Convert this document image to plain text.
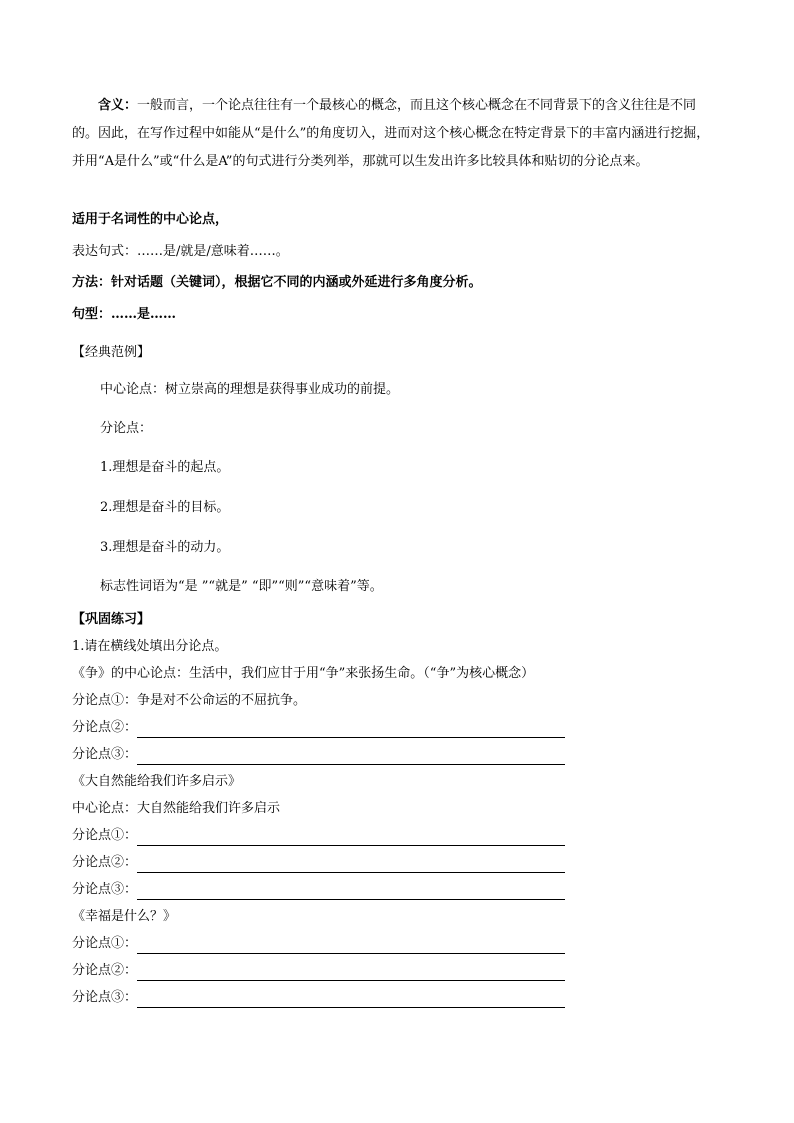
含义：一般而言，一个论点往往有一个最核心的概念，而且这个核心概念在不同背景下的含义往往是不同的。因此，在写作过程中如能从“是什么”的角度切入，进而对这个核心概念在特定背景下的丰富内涵进行挖掘，并用“A是什么”或“什么是A”的句式进行分类列举，那就可以生发出许多比较具体和贴切的分论点来。

适用于名词性的中心论点，
表达句式：……是/就是/意味着……。
方法：针对话题（关键词），根据它不同的内涵或外延进行多角度分析。
句型：……是……
【经典范例】
中心论点：树立崇高的理想是获得事业成功的前提。
分论点：
1.理想是奋斗的起点。
2.理想是奋斗的目标。
3.理想是奋斗的动力。
标志性词语为“是 ”“就是” “即”“则”“意味着”等。
【巩固练习】
1.请在横线处填出分论点。
《争》的中心论点：生活中，我们应甘于用“争”来张扬生命。（“争”为核心概念）
分论点①：争是对不公命运的不屈抗争。
分论点②：
分论点③：
《大自然能给我们许多启示》
中心论点：大自然能给我们许多启示
分论点①：
分论点②：
分论点③：
《幸福是什么？》
分论点①：
分论点②：
分论点③：
